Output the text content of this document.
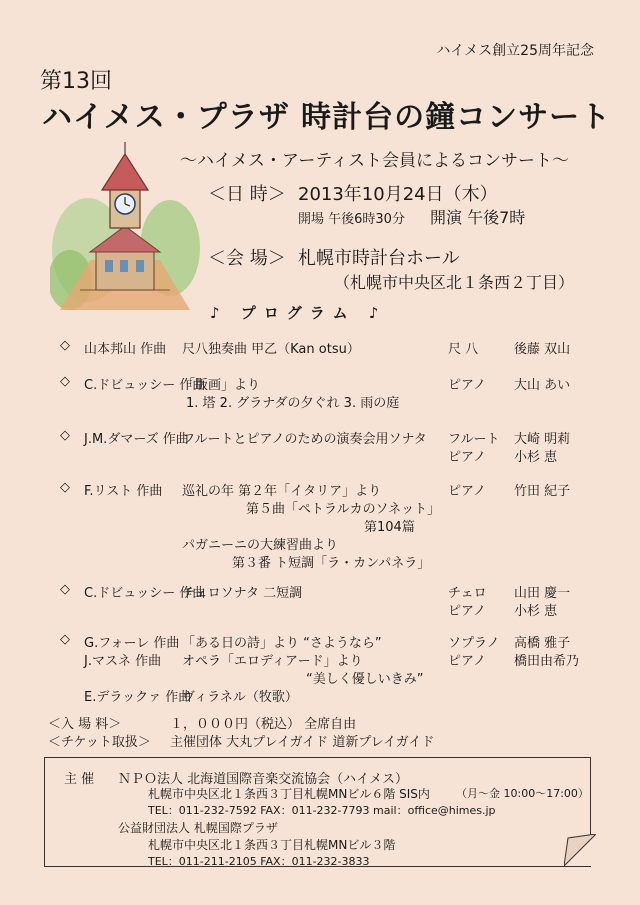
ハイメス創立25周年記念
第13回
ハイメス・プラザ 時計台の鐘コンサート
～ハイメス・アーティスト会員によるコンサート～
＜日 時＞ 2013年10月24日（木）
開場 午後6時30分 開演 午後7時
＜会 場＞ 札幌市時計台ホール
（札幌市中央区北１条西２丁目）
♪ プログラム ♪
◇ 山本邦山 作曲 尺八独奏曲 甲乙（Kan otsu）	尺 八	後藤 双山
◇ C.ドビュッシー 作曲
「版画」より
1. 塔 2. グラナダの夕ぐれ 3. 雨の庭
ピアノ 大山 あい
◇ J.M.ダマーズ 作曲
フルートとピアノのための演奏会用ソナタ フルート 大崎 明莉
ピアノ 小杉 恵
◇ F.リスト 作曲 巡礼の年 第２年「イタリア」より
第５曲「ペトラルカのソネット」
第104篇
パガニーニの大練習曲より
第３番 ト短調「ラ・カンパネラ」
ピアノ 竹田 紀子
◇ C.ドビュッシー 作曲
チェロソナタ 二短調	チェロ 山田 慶一
ピアノ 小杉 恵
◇ G.フォーレ 作曲 「ある日の詩」より “さようなら”
J.マスネ 作曲 オペラ「エロディアード」より
“美しく優しいきみ”
E.デラックァ 作曲
ヴィラネル（牧歌）
ソプラノ 高橋 雅子
ピアノ 橋田由希乃
＜入 場 料＞	１，０００円（税込） 全席自由
＜チケット取扱＞ 主催団体 大丸プレイガイド 道新プレイガイド
主 催 ＮＰＯ法人 北海道国際音楽交流協会（ハイメス）
札幌市中央区北１条西３丁目札幌MNビル６階 SIS内 （月～金 10:00～17:00）
TEL：011-232-7592 FAX：011-232-7793 mail：office@himes.jp
公益財団法人 札幌国際プラザ
札幌市中央区北１条西３丁目札幌MNビル３階
TEL：011-211-2105 FAX：011-232-3833
